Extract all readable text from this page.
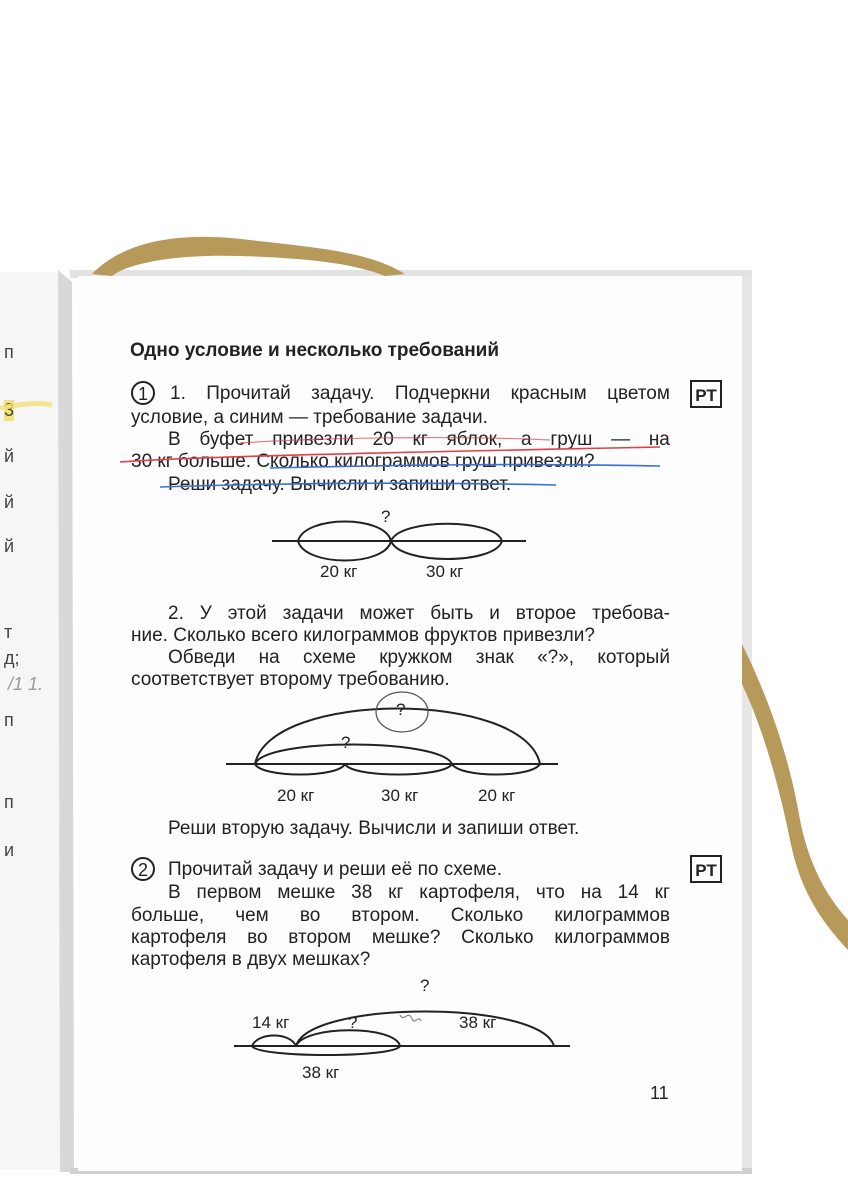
п
3
й
й
й
т
д;
/1 1.
п
п
и
Одно условие и несколько требований
1	РТ
1. Прочитай задачу. Подчеркни красным цветом
условие, а синим — требование задачи.
В буфет привезли 20 кг яблок, а груш — на
30 кг больше. Сколько килограммов груш привезли?
Реши задачу. Вычисли и запиши ответ.
?
20 кг	30 кг
2. У этой задачи может быть и второе требова-
ние. Сколько всего килограммов фруктов привезли?
Обведи на схеме кружком знак «?», который
соответствует второму требованию.
?
?
20 кг	30 кг	20 кг
Реши вторую задачу. Вычисли и запиши ответ.
2	РТ
Прочитай задачу и реши её по схеме.
В первом мешке 38 кг картофеля, что на 14 кг
больше, чем во втором. Сколько килограммов
картофеля во втором мешке? Сколько килограммов
картофеля в двух мешках?
?
?
14 кг	38 кг
38 кг
11
